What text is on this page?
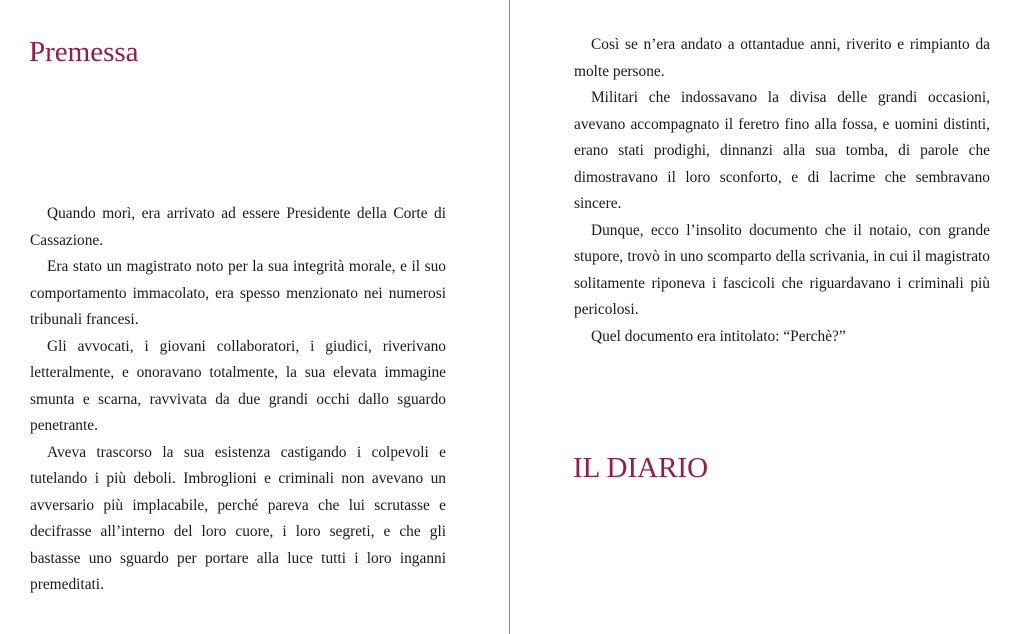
Premessa

Quando morì, era arrivato ad essere Presidente della Corte di Cassazione.

Era stato un magistrato noto per la sua integrità morale, e il suo comportamento immacolato, era spesso menzionato nei numerosi tribunali francesi.

Gli avvocati, i giovani collaboratori, i giudici, riverivano letteralmente, e onoravano totalmente, la sua elevata immagine smunta e scarna, ravvivata da due grandi occhi dallo sguardo penetrante.

Aveva trascorso la sua esistenza castigando i colpevoli e tutelando i più deboli. Imbroglioni e criminali non avevano un avversario più implacabile, perché pareva che lui scrutasse e decifrasse all’interno del loro cuore, i loro segreti, e che gli bastasse uno sguardo per portare alla luce tutti i loro inganni premeditati.

Così se n’era andato a ottantadue anni, riverito e rimpianto da molte persone.

Militari che indossavano la divisa delle grandi occasioni, avevano accompagnato il feretro fino alla fossa, e uomini distinti, erano stati prodighi, dinnanzi alla sua tomba, di parole che dimostravano il loro sconforto, e di lacrime che sembravano sincere.

Dunque, ecco l’insolito documento che il notaio, con grande stupore, trovò in uno scomparto della scrivania, in cui il magistrato solitamente riponeva i fascicoli che riguardavano i criminali più pericolosi.

Quel documento era intitolato: “Perchè?”

IL DIARIO
